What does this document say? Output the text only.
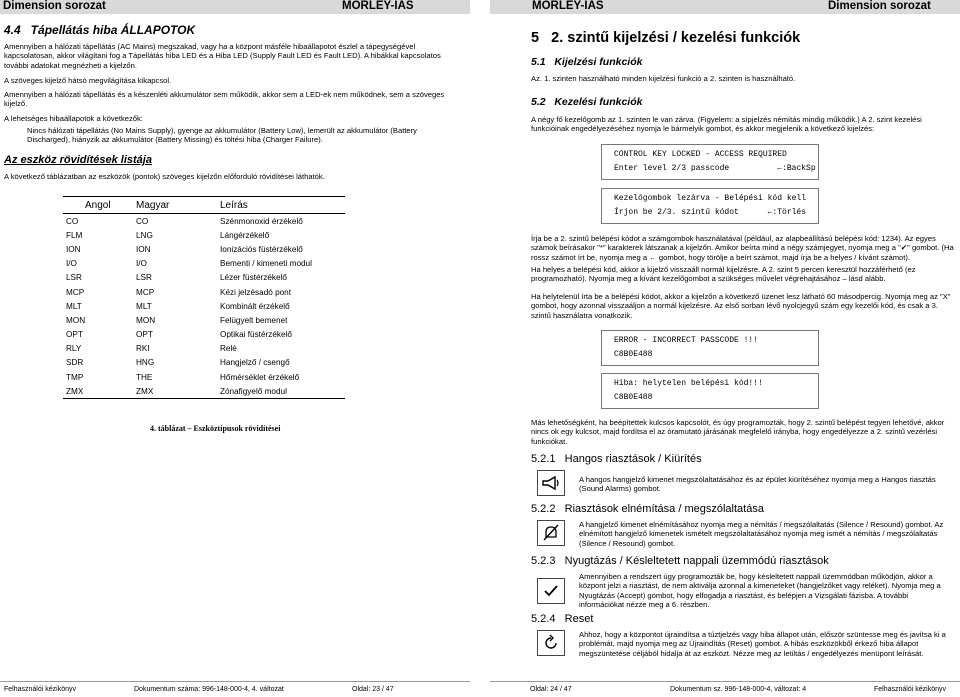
Dimension sorozat	MORLEY-IAS
4.4   Tápellátás hiba ÁLLAPOTOK
Amennyiben a hálózati tápellátás (AC Mains) megszakad, vagy ha a központ másféle hibaállapotot észlel a tápegységével kapcsolatosan, akkor világítani fog a Tápellátás hiba LED és a Hiba LED (Supply Fault LED és Fault LED). A hibákkal kapcsolatos további adatokat megnézheti a kijelzőn.
A szöveges kijelző hátsó megvilágítása kikapcsol.
Amennyiben a hálózati tápellátás és a készenléti akkumulátor sem működik, akkor sem a LED-ek nem működnek, sem a szöveges kijelző.
A lehetséges hibaállapotok a következők:
Nincs hálózati tápellátás (No Mains Supply), gyenge az akkumulátor (Battery Low), lemerült az akkumulátor (Battery Discharged), hiányzik az akkumulátor (Battery Missing) és töltési hiba (Charger Failure).
Az eszköz rövidítések listája
A következő táblázatban az eszközök (pontok) szöveges kijelzőn előforduló rövidítései láthatók.
Angol	Magyar	Leírás
CO	CO	Szénmonoxid érzékelő
FLM	LNG	Lángérzékelő
ION	ION	Ionizációs füstérzékelő
I/O	I/O	Bementi / kimeneti modul
LSR	LSR	Lézer füstérzékelő
MCP	MCP	Kézi jelzésadó pont
MLT	MLT	Kombinált érzékelő
MON	MON	Felügyelt bemenet
OPT	OPT	Optikai füstérzékelő
RLY	RKI	Relé
SDR	HNG	Hangjelző / csengő
TMP	THE	Hőmérséklet érzékelő
ZMX	ZMX	Zónafigyelő modul
4. táblázat – Eszköztípusok rövidítései
Felhasználói kézikönyv	Dokumentum száma: 996-148-000-4, 4. változat	Oldal: 23 / 47
MORLEY-IAS	Dimension sorozat
5   2. szintű kijelzési / kezelési funkciók
5.1   Kijelzési funkciók
Az. 1. szinten használható minden kijelzési funkció a 2. szinten is használható.
5.2   Kezelési funkciók
A négy fő kezelőgomb az 1. szinten le van zárva. (Figyelem: a sípjelzés némítás mindig működik.) A 2. szint kezelési funkcióinak engedélyezéséhez nyomja le bármelyik gombot, és akkor megjelenik a következő kijelzés:
CONTROL KEY LOCKED - ACCESS REQUIRED
Enter level 2/3 passcode          ←:BackSp
Kezelőgombok lezárva - Belépési kód kell
Írjon be 2/3. szintű kódot      ←:Törlés
Írja be a 2. szintű belépési kódot a számgombok használatával (például, az alapbeállítású belépési kód: 1234). Az egyes számok beírásakor "*" karakterek látszanak a kijelzőn. Amikor beírta mind a négy számjegyet, nyomja meg a "✔" gombot. (Ha rossz számot írt be, nyomja meg a ← gombot, hogy törölje a beírt számot, majd írja be a helyes / kívánt számot).
Ha helyes a belépési kód, akkor a kijelző visszaáll normál kijelzésre. A 2. szint 5 percen keresztül hozzáférhető (ez programozható). Nyomja meg a kívánt kezelőgombot a szükséges művelet végrehajtásához – lásd alább.
Ha helytelenül írta be a belépési kódot, akkor a kijelzőn a következő üzenet lesz látható 60 másodpercig. Nyomja meg az "X" gombot, hogy azonnal visszaáljon a normál kijelzésre. Az első sorban lévő nyolcjegyű szám egy kezelői kód, és csak a 3. szintű használatra vonatkozik.
ERROR - INCORRECT PASSCODE !!!
C8B0E488
Hiba: helytelen belépési kód!!!
C8B0E488
Más lehetőségként, ha beépítettek kulcsos kapcsolót, és úgy programozták, hogy 2. szintű belépést tegyen lehetővé, akkor nincs ok egy kulcsot, majd fordítsa el az óramutató járásának megfelelő irányba, hogy engedélyezze a 2. szintű vezérlési funkciókat.
5.2.1   Hangos riasztások / Kiürítés
A hangos hangjelző kimenet megszólaltatásához és az épület kiürítéséhez nyomja meg a Hangos riasztás (Sound Alarms) gombot.
5.2.2   Riasztások elnémítása / megszólaltatása
A hangjelző kimenet elnémításához nyomja meg a némítás / megszólaltatás (Silence / Resound) gombot. Az elnémított hangjelző kimenetek ismételt megszólaltatásához nyomja meg ismét a némítás / megszólaltatás (Silence / Resound) gombot.
5.2.3   Nyugtázás / Késleltetett nappali üzemmódú riasztások
Amennyiben a rendszert úgy programozták be, hogy késleltetett nappali üzemmódban működjön, akkor a központ jelzi a riasztást, de nem aktiválja azonnal a kimeneteket (hangjelzőket vagy reléket). Nyomja meg a Nyugtázás (Accept) gombot, hogy elfogadja a riasztást, és belépjen a Vizsgálati fázisba. A további információkat nézze meg a 6. részben.
5.2.4   Reset
Ahhoz, hogy a központot újraindítsa a túztjelzés vagy hiba állapot után, először szüntesse meg és javítsa ki a problémát, majd nyomja meg az Újraindítás (Reset) gombot. A hibás eszközökből érkező hiba állapot megszüntetése céljából hidalja át az eszközt. Nézze meg az letiltás / engedélyezés menüpont leírását.
Oldal: 24 / 47	Dokumentum sz. 996-148-000-4, változat: 4	Felhasználói kézikönyv
